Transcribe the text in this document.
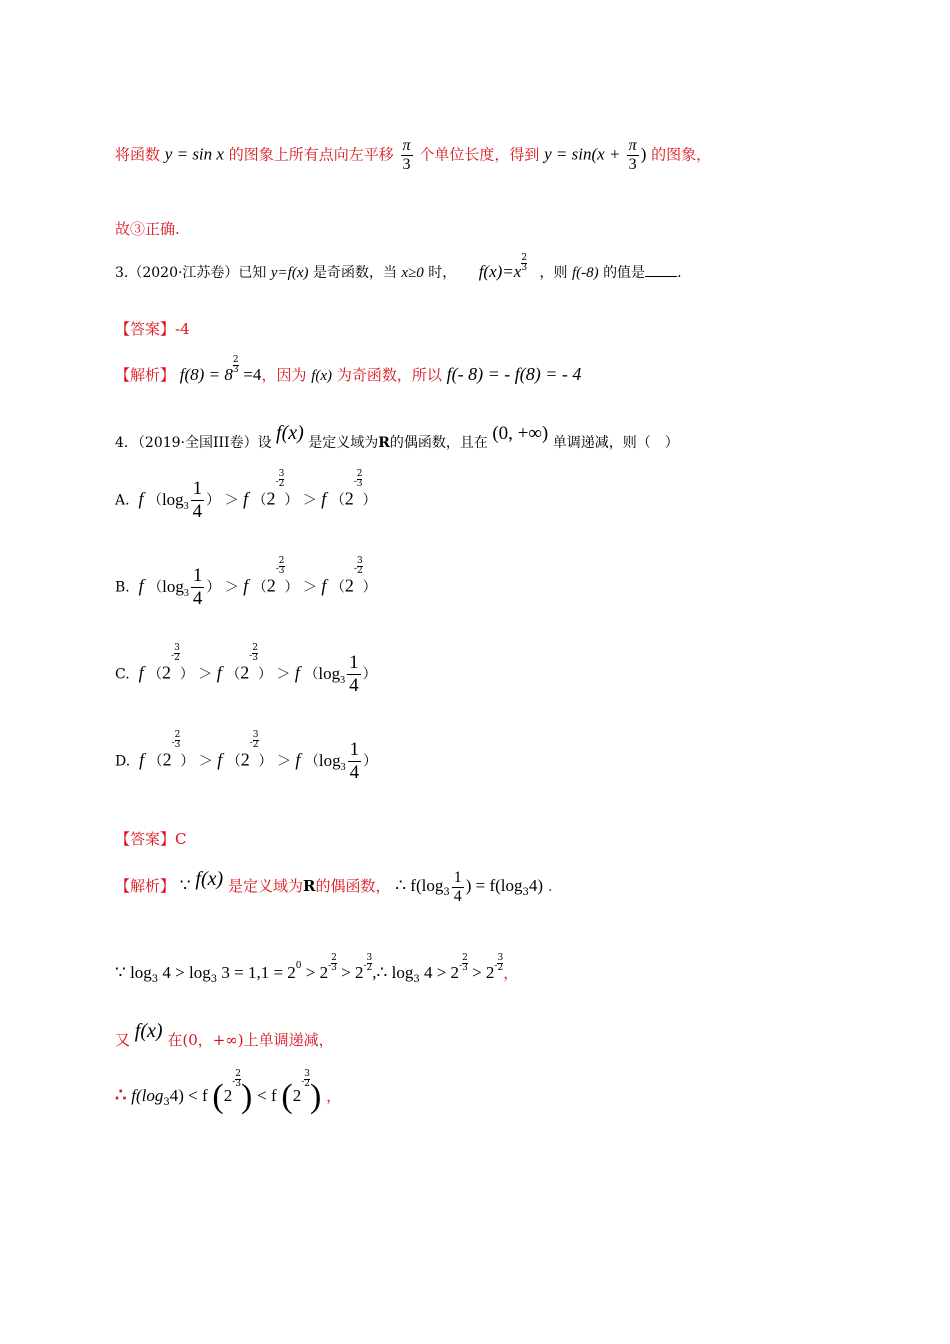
将函数 y = sin x 的图象上所有点向左平移 $\frac{\pi}{3}$ 个单位长度，得到 $y = \sin(x + \frac{\pi}{3}$ ) 的图象，
故③正确.
3.（2020·江苏卷）已知 y=f(x) 是奇函数，当 x≥0 时， $f(x)=x \frac{2}{3}$ ，则 f(-8) 的值是 .
【答案】-4
【解析】 $f(8) = 8 \frac{2}{3} =4$，因为 f(x) 为奇函数，所以 f(- 8) = - f(8) = - 4
4．（2019·全国III卷）设 f(x) 是定义域为R的偶函数，且在 (0, +∞) 单调递减，则（　）
A. f （$\log_3 \frac{1}{4}$ ） ＞ f （$2- \frac{3}{2}$
） ＞ f （$2- \frac{2}{3}$
）
B. f （$\log_3 \frac{1}{4}$ ） ＞ f （$2- \frac{2}{3}$
） ＞ f （$2- \frac{3}{2}$
）
C. f （$2- \frac{3}{2}$
） ＞ f （$2- \frac{2}{3}$
） ＞ f （$\log_3 \frac{1}{4}$ ）
D. f （$2- \frac{2}{3}$
） ＞ f （$2- \frac{3}{2}$
） ＞ f （$\log_3 \frac{1}{4}$ ）
【答案】C
【解析】 ∵ f(x) 是定义域为R的偶函数， ∴ $f(\log_3 \frac{1}{4}$ ) = $f(\log_34)$ .
∵ $\log_3 4 > \log_3 3 = 1,1 = 20 > 2- \frac{2}{3} > 2- \frac{3}{2}$ ,∴ $\log_3 4 > 2- \frac{2}{3} > 2- \frac{3}{2}$ ，
又 f(x) 在(0，+∞)上单调递减，
∴ $f(\log_34) < f$ ($2- \frac{2}{3}$ ) < f ($2- \frac{3}{2}$ ) ，
